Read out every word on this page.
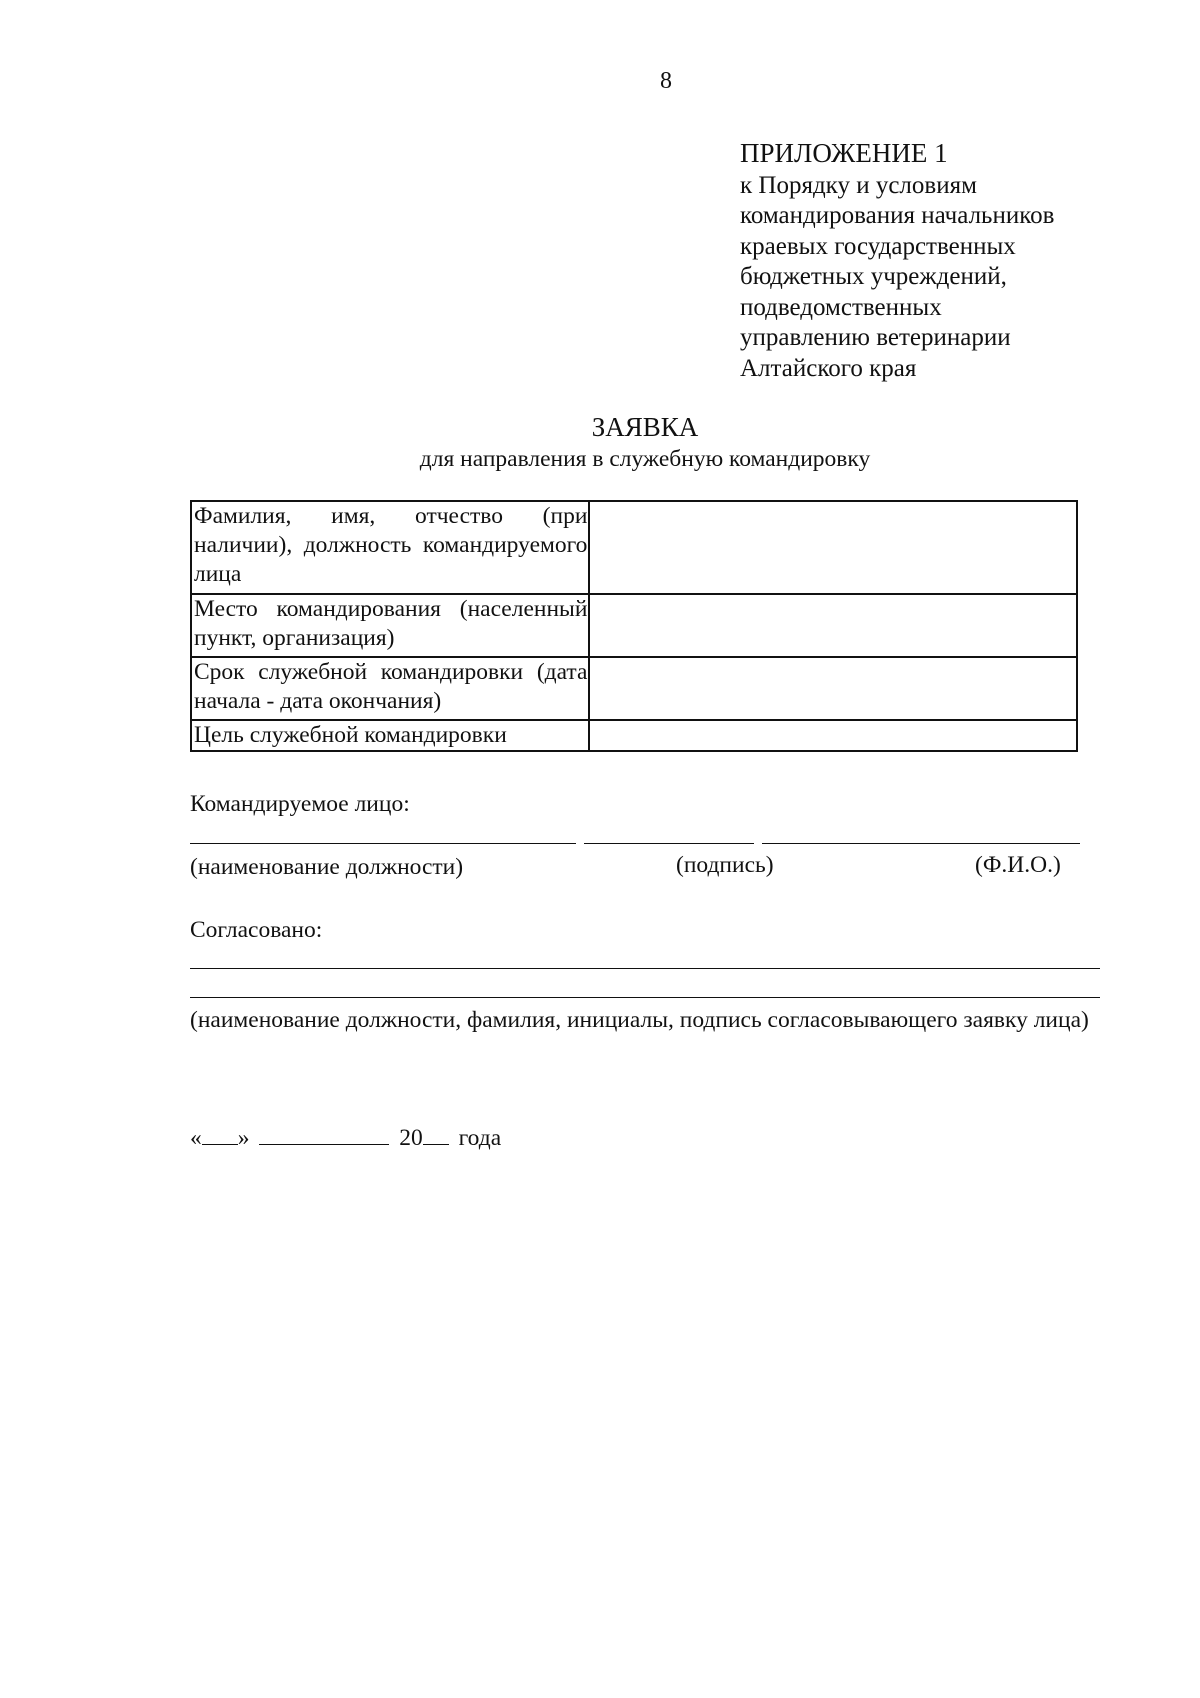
8
ПРИЛОЖЕНИЕ 1
к Порядку и условиям
командирования начальников
краевых государственных
бюджетных учреждений,
подведомственных
управлению ветеринарии
Алтайского края
ЗАЯВКА
для направления в служебную командировку
Фамилия, имя, отчество (при наличии), должность командируемого лица	
Место командирования (населенный пункт, организация)	
Срок служебной командировки (дата начала - дата окончания)	
Цель служебной командировки	
Командируемое лицо:
(наименование должности)	(подпись)	(Ф.И.О.)
Согласовано:
(наименование должности, фамилия, инициалы, подпись согласовывающего заявку лица)
« »	20 года
